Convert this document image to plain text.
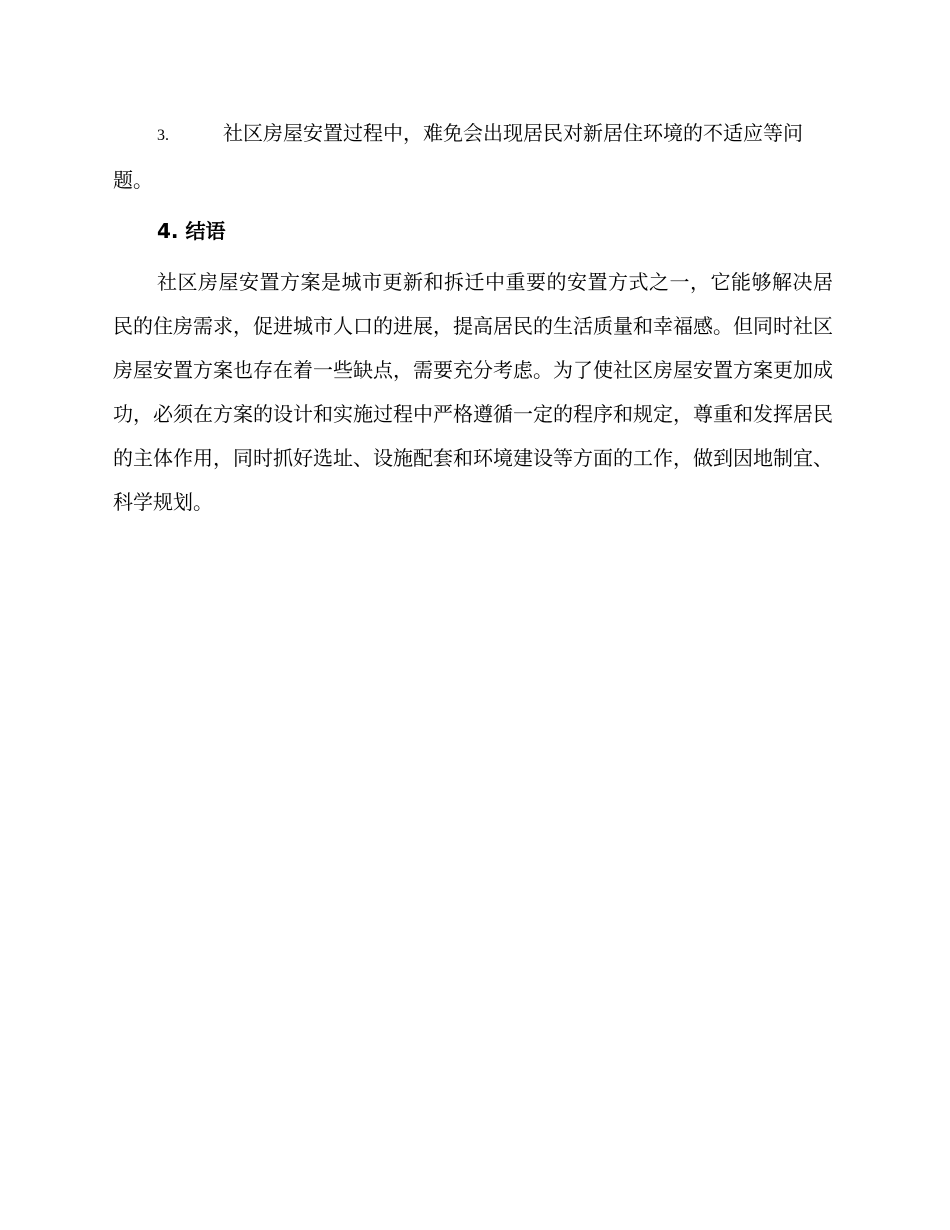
3.	社区房屋安置过程中，难免会出现居民对新居住环境的不适应等问题。

4. 结语

社区房屋安置方案是城市更新和拆迁中重要的安置方式之一，它能够解决居民的住房需求，促进城市人口的进展，提高居民的生活质量和幸福感。但同时社区房屋安置方案也存在着一些缺点，需要充分考虑。为了使社区房屋安置方案更加成功，必须在方案的设计和实施过程中严格遵循一定的程序和规定，尊重和发挥居民的主体作用，同时抓好选址、设施配套和环境建设等方面的工作，做到因地制宜、科学规划。
